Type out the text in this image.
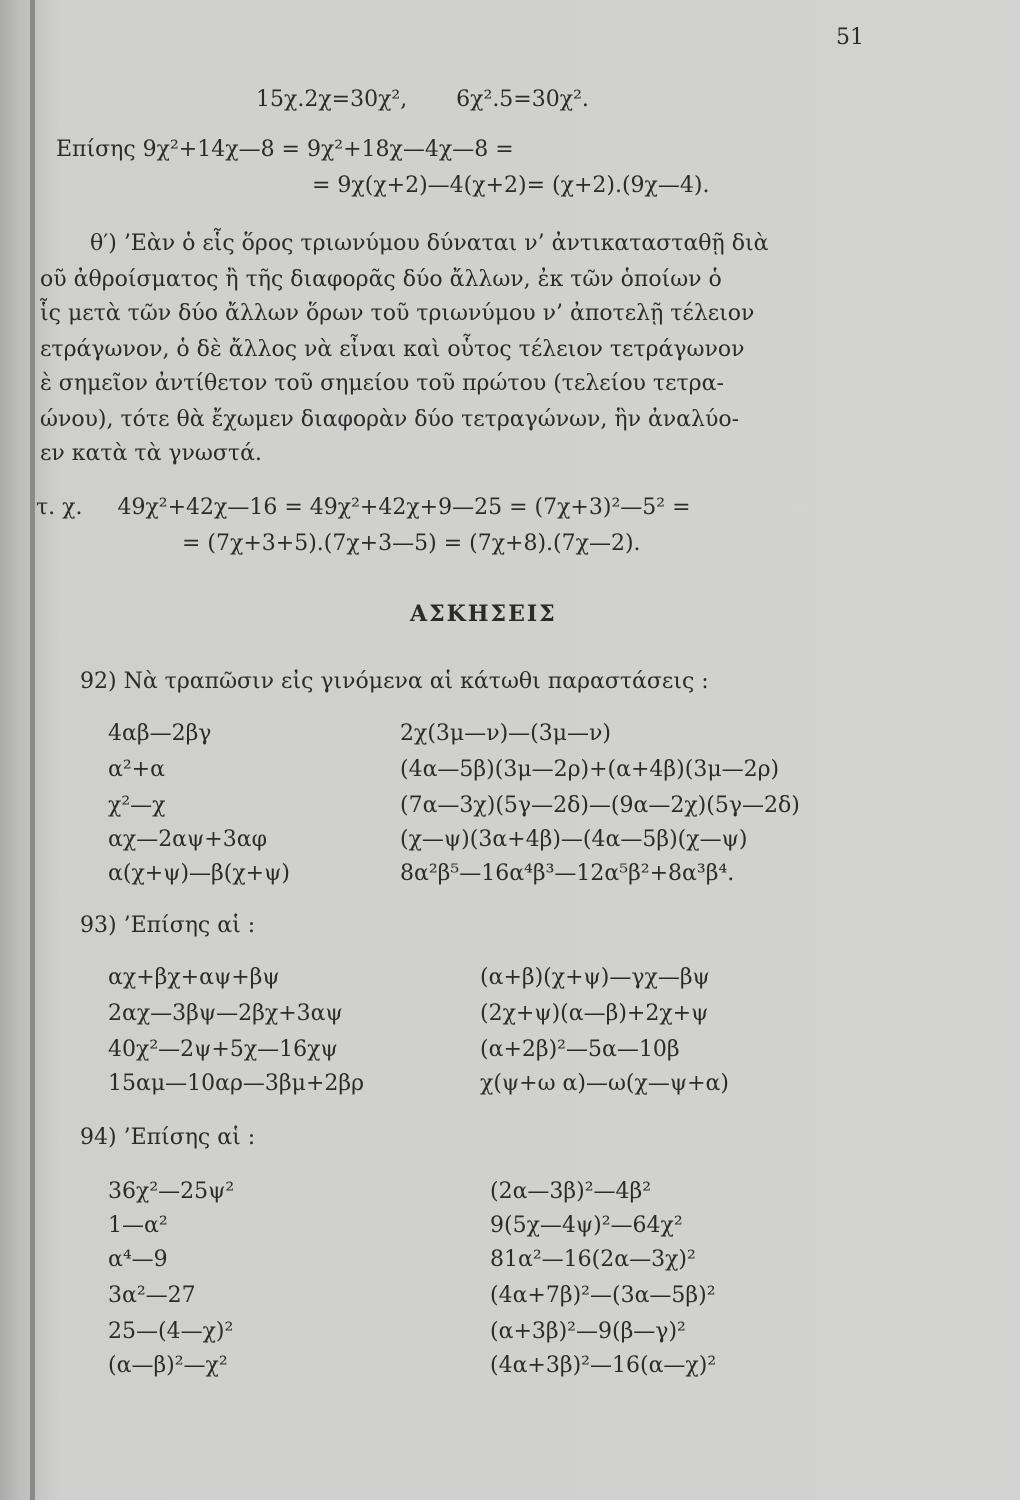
51
15χ.2χ=30χ²,       6χ².5=30χ².
Επίσης 9χ²+14χ—8 = 9χ²+18χ—4χ—8 =
= 9χ(χ+2)—4(χ+2)= (χ+2).(9χ—4).
θ′) ’Εὰν ὁ εἷς ὅρος τριωνύμου δύναται ν’ ἀντικατασταθῇ διὰ
οῦ ἀθροίσματος ἢ τῆς διαφορᾶς δύο ἄλλων, ἐκ τῶν ὁποίων ὁ
ἷς μετὰ τῶν δύο ἄλλων ὅρων τοῦ τριωνύμου ν’ ἀποτελῇ τέλειον
ετράγωνον, ὁ δὲ ἄλλος νὰ εἶναι καὶ οὗτος τέλειον τετράγωνον
ὲ σημεῖον ἀντίθετον τοῦ σημείου τοῦ πρώτου (τελείου τετρα-
ώνου), τότε θὰ ἔχωμεν διαφορὰν δύο τετραγώνων, ἣν ἀναλύο-
εν κατὰ τὰ γνωστά.
τ. χ.     49χ²+42χ—16 = 49χ²+42χ+9—25 = (7χ+3)²—5² =
= (7χ+3+5).(7χ+3—5) = (7χ+8).(7χ—2).
ΑΣΚΗΣΕΙΣ
92) Νὰ τραπῶσιν εἰς γινόμενα αἱ κάτωθι παραστάσεις :
4αβ—2βγ
α²+α
χ²—χ
αχ—2αψ+3αφ
α(χ+ψ)—β(χ+ψ)
2χ(3μ—ν)—(3μ—ν)
(4α—5β)(3μ—2ρ)+(α+4β)(3μ—2ρ)
(7α—3χ)(5γ—2δ)—(9α—2χ)(5γ—2δ)
(χ—ψ)(3α+4β)—(4α—5β)(χ—ψ)
8α²β⁵—16α⁴β³—12α⁵β²+8α³β⁴.
93) ’Επίσης αἱ :
αχ+βχ+αψ+βψ
2αχ—3βψ—2βχ+3αψ
40χ²—2ψ+5χ—16χψ
15αμ—10αρ—3βμ+2βρ
(α+β)(χ+ψ)—γχ—βψ
(2χ+ψ)(α—β)+2χ+ψ
(α+2β)²—5α—10β
χ(ψ+ω α)—ω(χ—ψ+α)
94) ’Επίσης αἱ :
36χ²—25ψ²
1—α²
α⁴—9
3α²—27
25—(4—χ)²
(α—β)²—χ²
(2α—3β)²—4β²
9(5χ—4ψ)²—64χ²
81α²—16(2α—3χ)²
(4α+7β)²—(3α—5β)²
(α+3β)²—9(β—γ)²
(4α+3β)²—16(α—χ)²
